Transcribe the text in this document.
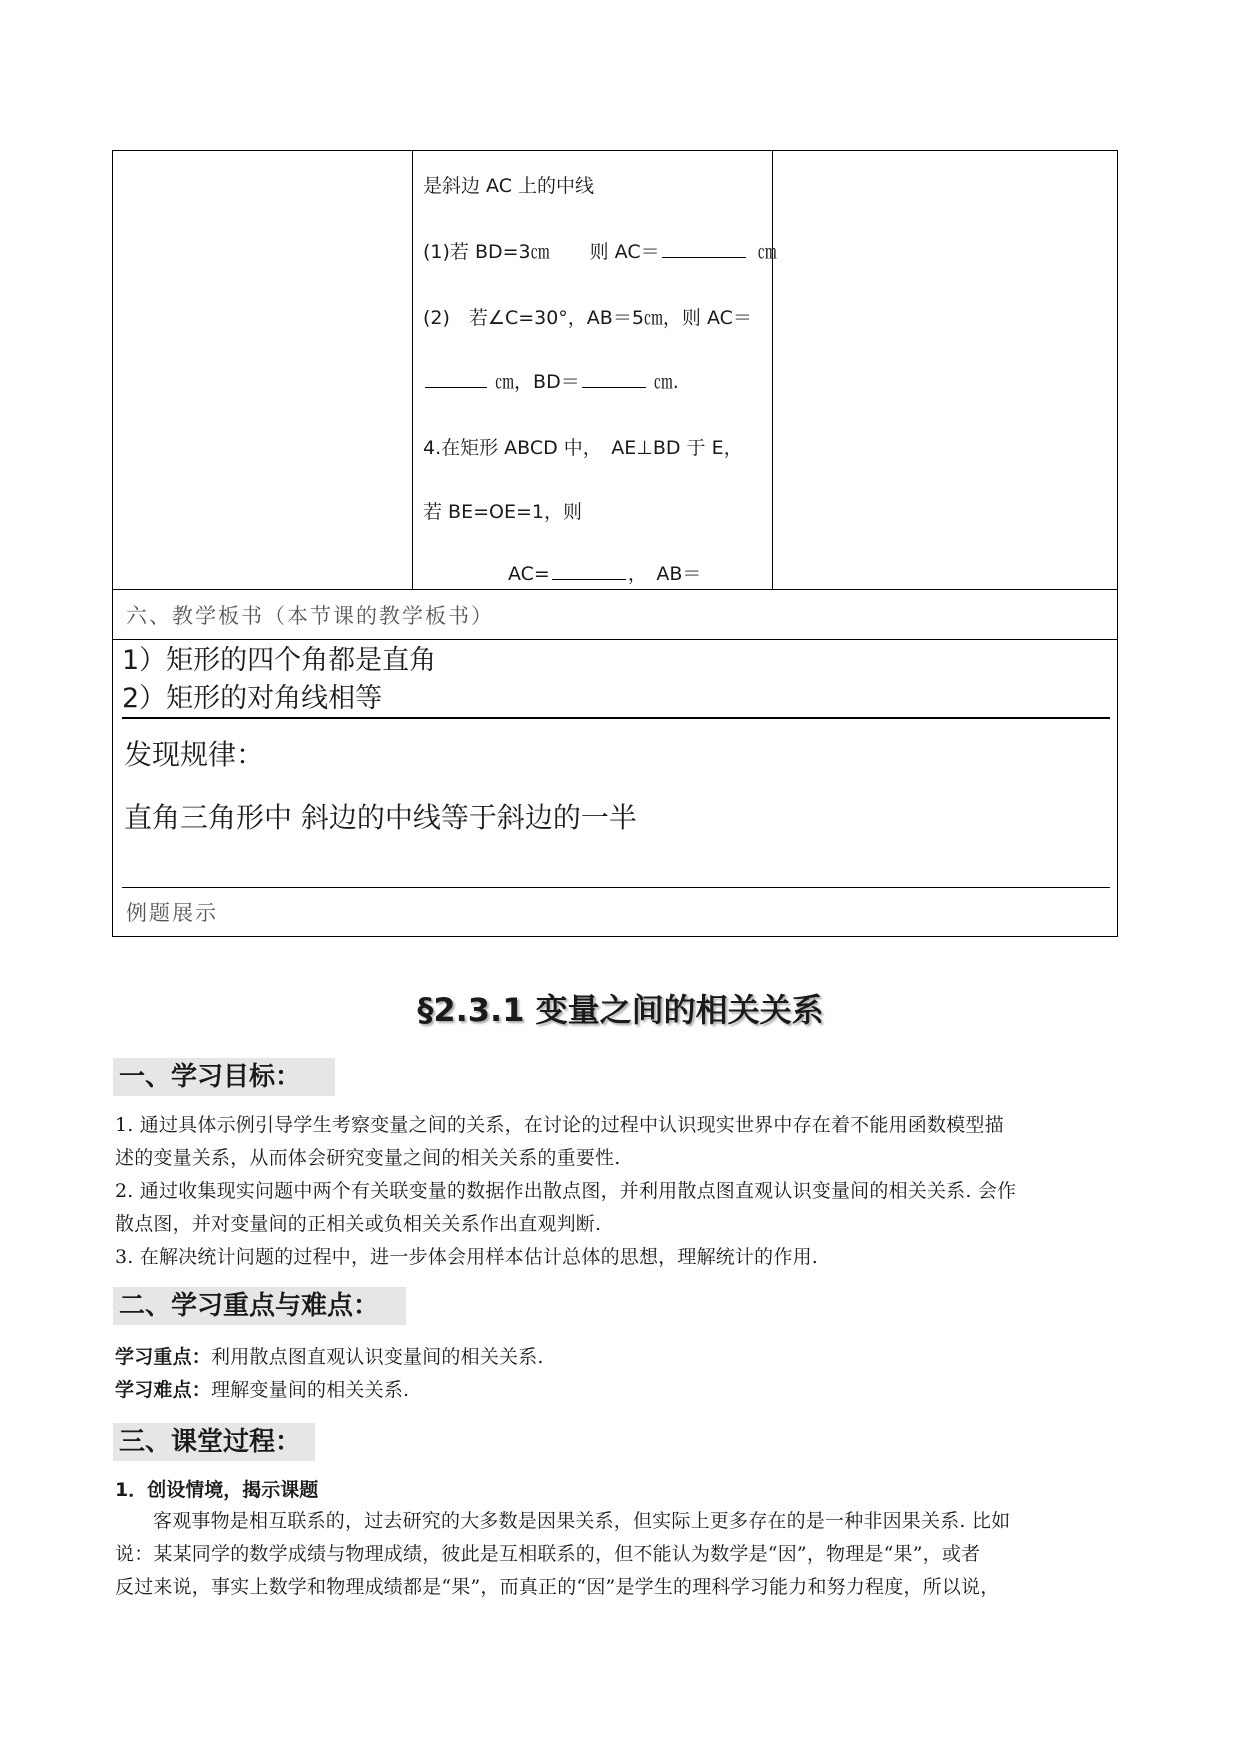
是斜边 AC 上的中线
(1)若 BD=3㎝ 则 AC＝	㎝
(2)　若∠C=30°，AB＝5㎝，则 AC＝
㎝，BD＝	㎝.
4.在矩形 ABCD 中，　AE⊥BD 于 E，
若 BE=OE=1，则
AC=	，　AB＝
六、教学板书（本节课的教学板书）
1）矩形的四个角都是直角
2）矩形的对角线相等
发现规律：
直角三角形中 斜边的中线等于斜边的一半
例题展示
§2.3.1 变量之间的相关关系
一、学习目标：
1. 通过具体示例引导学生考察变量之间的关系，在讨论的过程中认识现实世界中存在着不能用函数模型描
述的变量关系，从而体会研究变量之间的相关关系的重要性.
2. 通过收集现实问题中两个有关联变量的数据作出散点图，并利用散点图直观认识变量间的相关关系. 会作
散点图，并对变量间的正相关或负相关关系作出直观判断.
3. 在解决统计问题的过程中，进一步体会用样本估计总体的思想，理解统计的作用.
二、学习重点与难点：
学习重点：利用散点图直观认识变量间的相关关系.
学习难点：理解变量间的相关关系.
三、课堂过程：
1．创设情境，揭示课题
客观事物是相互联系的，过去研究的大多数是因果关系，但实际上更多存在的是一种非因果关系. 比如
说：某某同学的数学成绩与物理成绩，彼此是互相联系的，但不能认为数学是“因”，物理是“果”，或者
反过来说，事实上数学和物理成绩都是“果”，而真正的“因”是学生的理科学习能力和努力程度，所以说，
